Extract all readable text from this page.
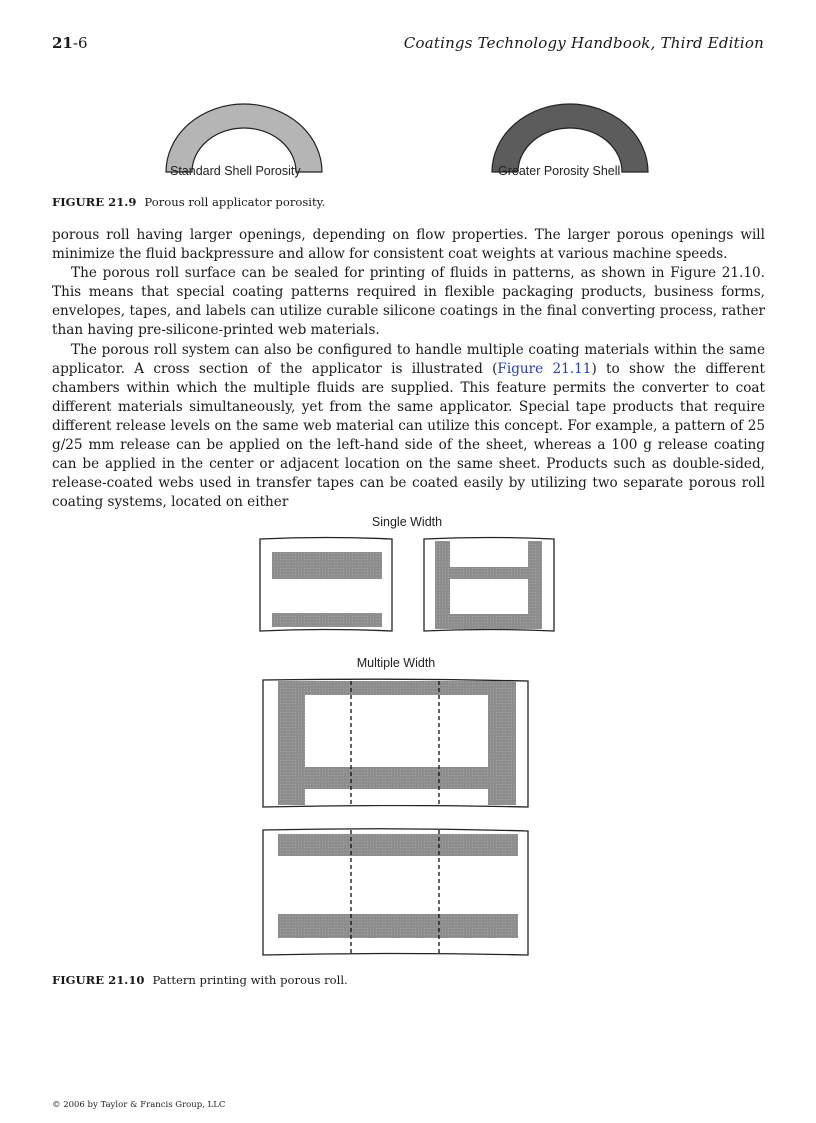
21-6	Coatings Technology Handbook, Third Edition
Standard Shell Porosity	Greater Porosity Shell
FIGURE 21.9 Porous roll applicator porosity.

porous roll having larger openings, depending on flow properties. The larger porous openings will minimize the fluid backpressure and allow for consistent coat weights at various machine speeds.

The porous roll surface can be sealed for printing of fluids in patterns, as shown in Figure 21.10. This means that special coating patterns required in flexible packaging products, business forms, envelopes, tapes, and labels can utilize curable silicone coatings in the final converting process, rather than having pre-silicone-printed web materials.

The porous roll system can also be configured to handle multiple coating materials within the same applicator. A cross section of the applicator is illustrated (Figure 21.11) to show the different chambers within which the multiple fluids are supplied. This feature permits the converter to coat different materials simultaneously, yet from the same applicator. Special tape products that require different release levels on the same web material can utilize this concept. For example, a pattern of 25 g/25 mm release can be applied on the left-hand side of the sheet, whereas a 100 g release coating can be applied in the center or adjacent location on the same sheet. Products such as double-sided, release-coated webs used in transfer tapes can be coated easily by utilizing two separate porous roll coating systems, located on either

Single Width
Multiple Width
FIGURE 21.10 Pattern printing with porous roll.
© 2006 by Taylor & Francis Group, LLC
